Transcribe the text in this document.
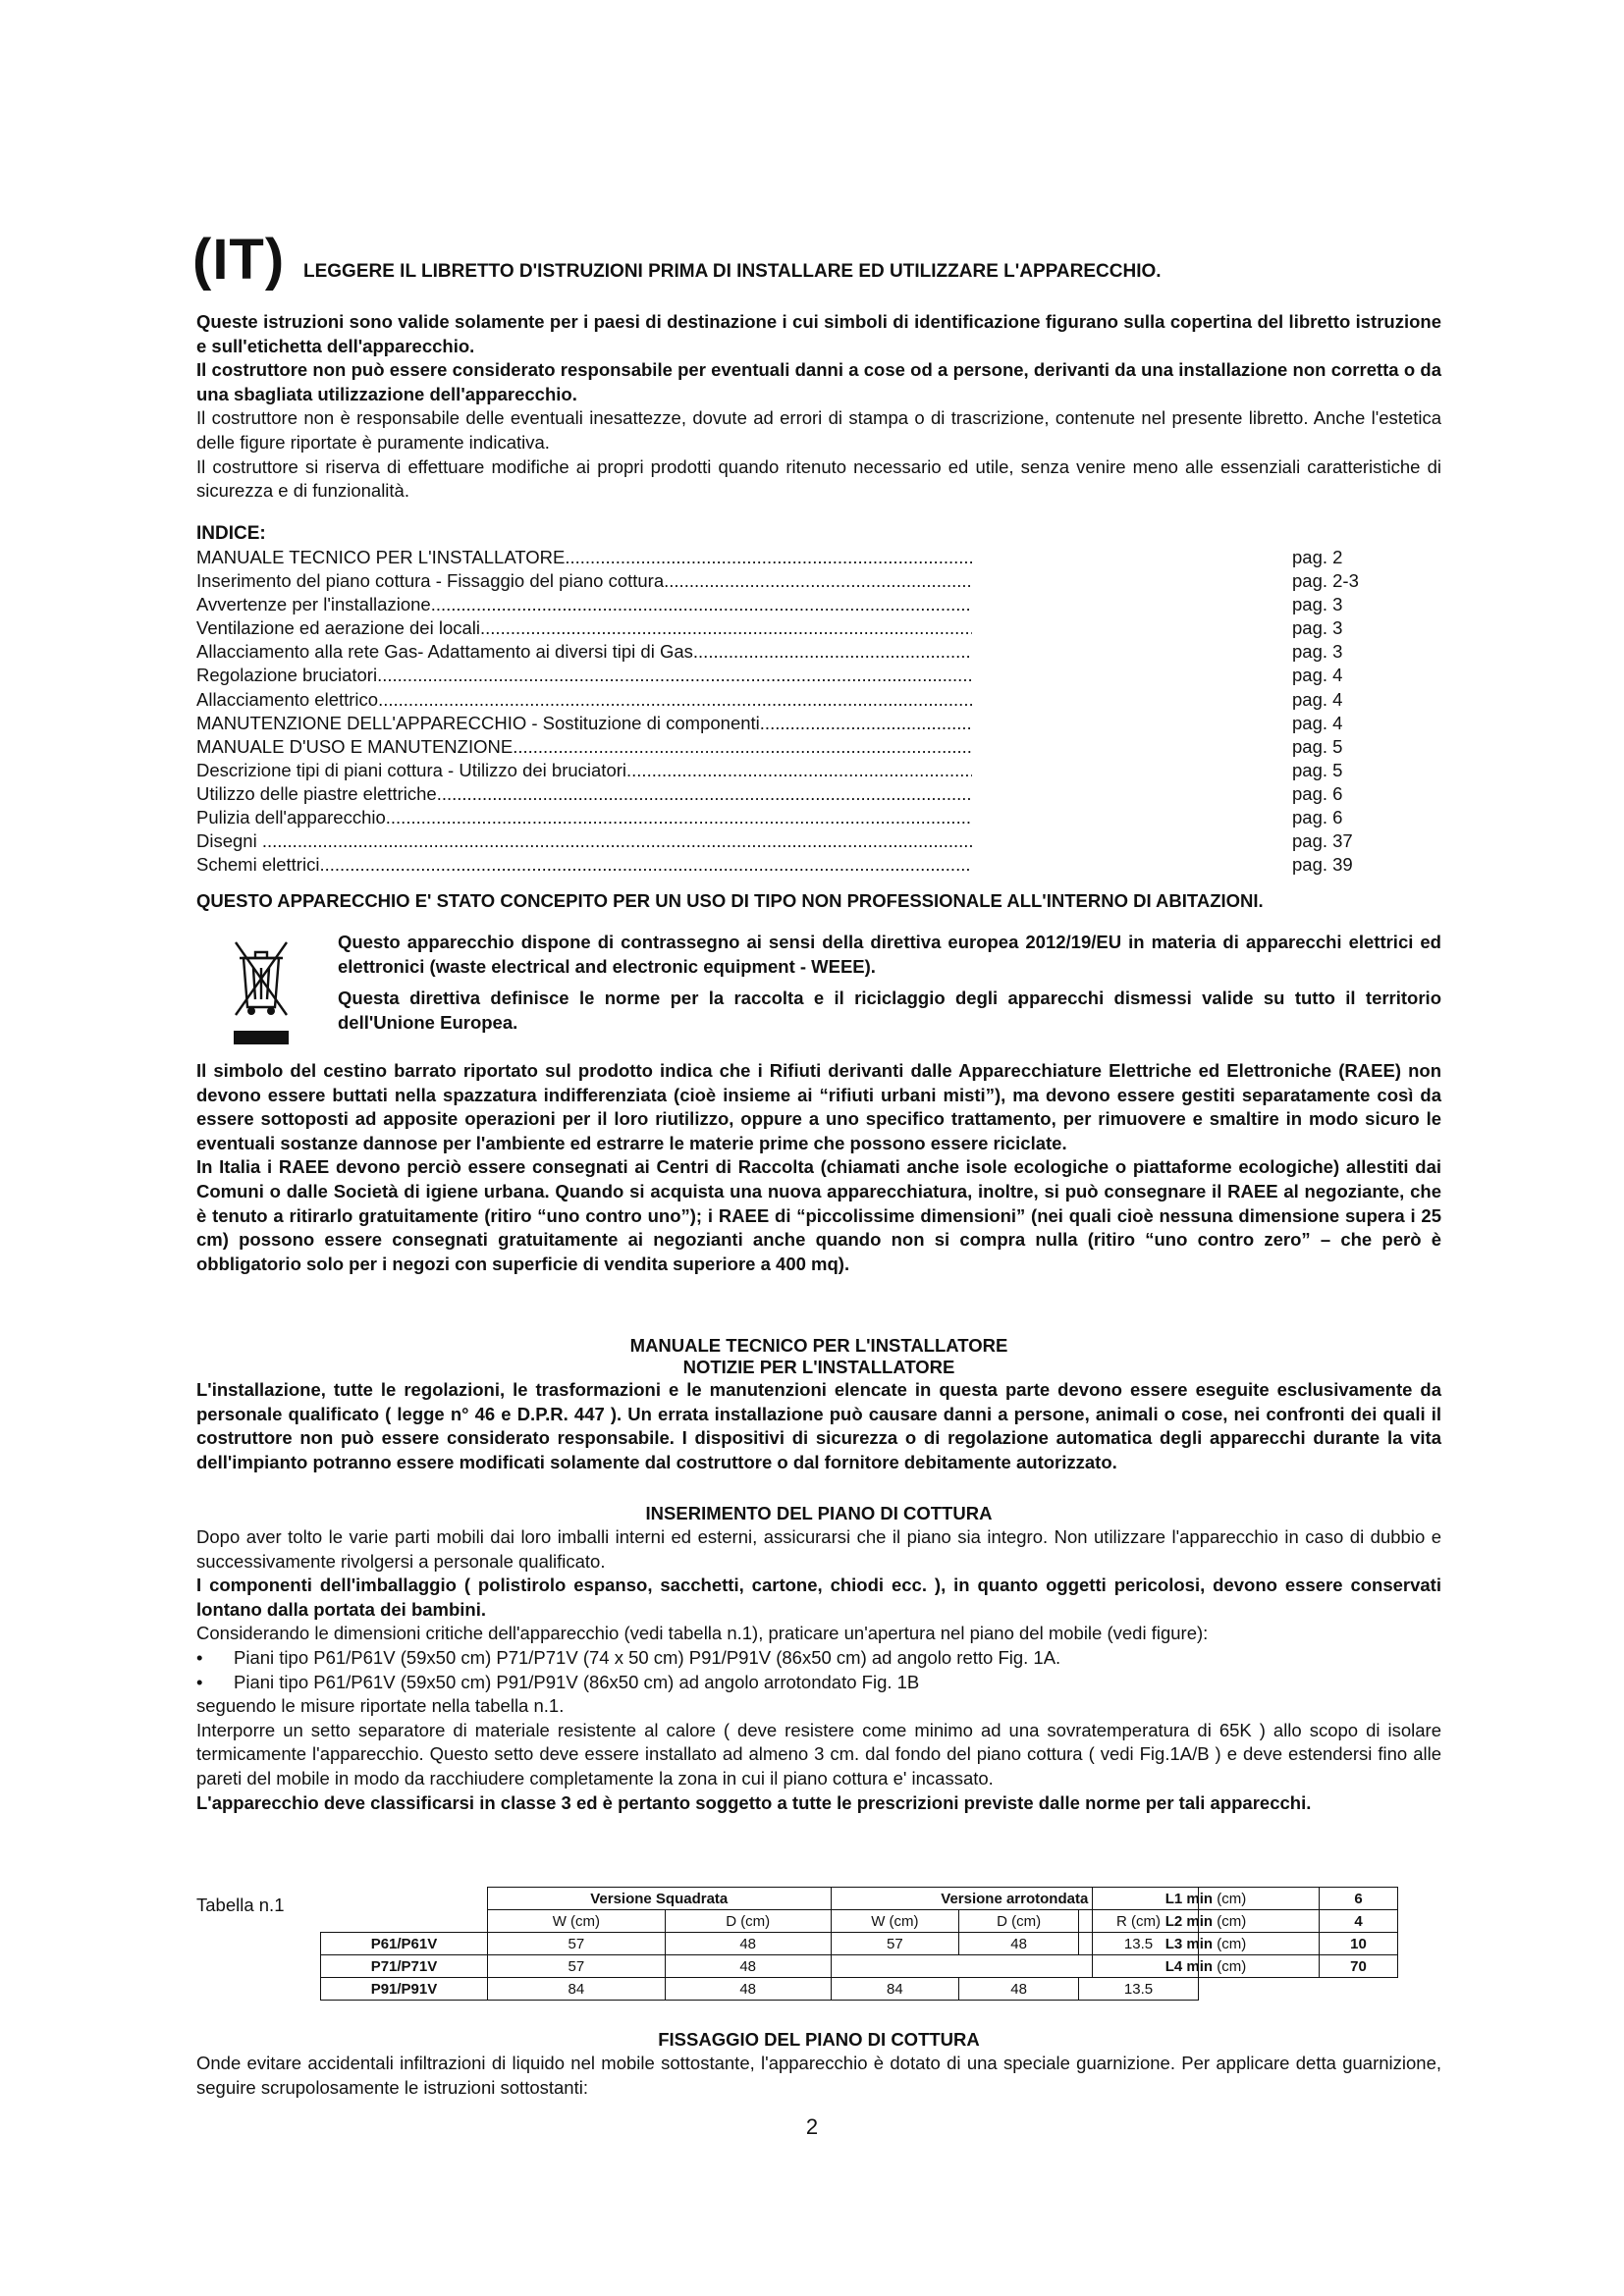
(IT) LEGGERE IL LIBRETTO D'ISTRUZIONI PRIMA DI INSTALLARE ED UTILIZZARE L'APPARECCHIO.

Queste istruzioni sono valide solamente per i paesi di destinazione i cui simboli di identificazione figurano sulla copertina del libretto istruzione e sull'etichetta dell'apparecchio.

Il costruttore non può essere considerato responsabile per eventuali danni a cose od a persone, derivanti da una installazione non corretta o da una sbagliata utilizzazione dell'apparecchio.

Il costruttore non è responsabile delle eventuali inesattezze, dovute ad errori di stampa o di trascrizione, contenute nel presente libretto. Anche l'estetica delle figure riportate è puramente indicativa.

Il costruttore si riserva di effettuare modifiche ai propri prodotti quando ritenuto necessario ed utile, senza venire meno alle essenziali caratteristiche di sicurezza e di funzionalità.

INDICE:
MANUALE TECNICO PER L'INSTALLATORE .....	pag. 2
Inserimento del piano cottura - Fissaggio del piano cottura .....	pag. 2-3
Avvertenze per l'installazione .....	pag. 3
Ventilazione ed aerazione dei locali .....	pag. 3
Allacciamento alla rete Gas- Adattamento ai diversi tipi di Gas .....	pag. 3
Regolazione bruciatori .....	pag. 4
Allacciamento elettrico .....	pag. 4
MANUTENZIONE DELL'APPARECCHIO - Sostituzione di componenti .....	pag. 4
MANUALE D'USO E MANUTENZIONE .....	pag. 5
Descrizione tipi di piani cottura - Utilizzo dei bruciatori .....	pag. 5
Utilizzo delle piastre elettriche .....	pag. 6
Pulizia dell'apparecchio .....	pag. 6
Disegni .....	pag. 37
Schemi elettrici .....	pag. 39
QUESTO APPARECCHIO E' STATO CONCEPITO PER UN USO DI TIPO NON PROFESSIONALE ALL'INTERNO DI ABITAZIONI.

Questo apparecchio dispone di contrassegno ai sensi della direttiva europea 2012/19/EU in materia di apparecchi elettrici ed elettronici (waste electrical and electronic equipment - WEEE).

Questa direttiva definisce le norme per la raccolta e il riciclaggio degli apparecchi dismessi valide su tutto il territorio dell'Unione Europea.

Il simbolo del cestino barrato riportato sul prodotto indica che i Rifiuti derivanti dalle Apparecchiature Elettriche ed Elettroniche (RAEE) non devono essere buttati nella spazzatura indifferenziata (cioè insieme ai “rifiuti urbani misti”), ma devono essere gestiti separatamente così da essere sottoposti ad apposite operazioni per il loro riutilizzo, oppure a uno specifico trattamento, per rimuovere e smaltire in modo sicuro le eventuali sostanze dannose per l'ambiente ed estrarre le materie prime che possono essere riciclate.

In Italia i RAEE devono perciò essere consegnati ai Centri di Raccolta (chiamati anche isole ecologiche o piattaforme ecologiche) allestiti dai Comuni o dalle Società di igiene urbana. Quando si acquista una nuova apparecchiatura, inoltre, si può consegnare il RAEE al negoziante, che è tenuto a ritirarlo gratuitamente (ritiro “uno contro uno”); i RAEE di “piccolissime dimensioni” (nei quali cioè nessuna dimensione supera i 25 cm) possono essere consegnati gratuitamente ai negozianti anche quando non si compra nulla (ritiro “uno contro zero” – che però è obbligatorio solo per i negozi con superficie di vendita superiore a 400 mq).

MANUALE TECNICO PER L'INSTALLATORE
NOTIZIE PER L'INSTALLATORE

L'installazione, tutte le regolazioni, le trasformazioni e le manutenzioni elencate in questa parte devono essere eseguite esclusivamente da personale qualificato ( legge n° 46 e D.P.R. 447 ). Un errata installazione può causare danni a persone, animali o cose, nei confronti dei quali il costruttore non può essere considerato responsabile. I dispositivi di sicurezza o di regolazione automatica degli apparecchi durante la vita dell'impianto potranno essere modificati solamente dal costruttore o dal fornitore debitamente autorizzato.

INSERIMENTO DEL PIANO DI COTTURA

Dopo aver tolto le varie parti mobili dai loro imballi interni ed esterni, assicurarsi che il piano sia integro. Non utilizzare l'apparecchio in caso di dubbio e successivamente rivolgersi a personale qualificato.

I componenti dell'imballaggio ( polistirolo espanso, sacchetti, cartone, chiodi ecc. ), in quanto oggetti pericolosi, devono essere conservati lontano dalla portata dei bambini.

Considerando le dimensioni critiche dell'apparecchio (vedi tabella n.1), praticare un'apertura nel piano del mobile (vedi figure):

• Piani tipo P61/P61V (59x50 cm) P71/P71V (74 x 50 cm) P91/P91V (86x50 cm) ad angolo retto Fig. 1A.

• Piani tipo P61/P61V (59x50 cm) P91/P91V (86x50 cm) ad angolo arrotondato Fig. 1B

seguendo le misure riportate nella tabella n.1.

Interporre un setto separatore di materiale resistente al calore ( deve resistere come minimo ad una sovratemperatura di 65K ) allo scopo di isolare termicamente l'apparecchio. Questo setto deve essere installato ad almeno 3 cm. dal fondo del piano cottura ( vedi Fig.1A/B ) e deve estendersi fino alle pareti del mobile in modo da racchiudere completamente la zona in cui il piano cottura e' incassato.

L'apparecchio deve classificarsi in classe 3 ed è pertanto soggetto a tutte le prescrizioni previste dalle norme per tali apparecchi.

Tabella n.1
		Versione Squadrata		Versione arrotondata		
	W (cm)	D (cm)	W (cm)	D (cm)	R (cm)
P61/P61V	57	48	57	48	13.5
P71/P71V	57	48			
P91/P91V	84	48	84	48	13.5
L1 min (cm)	6
L2 min (cm)	4
L3 min (cm)	10
L4 min (cm)	70
FISSAGGIO DEL PIANO DI COTTURA

Onde evitare accidentali infiltrazioni di liquido nel mobile sottostante, l'apparecchio è dotato di una speciale guarnizione. Per applicare detta guarnizione, seguire scrupolosamente le istruzioni sottostanti:

2
